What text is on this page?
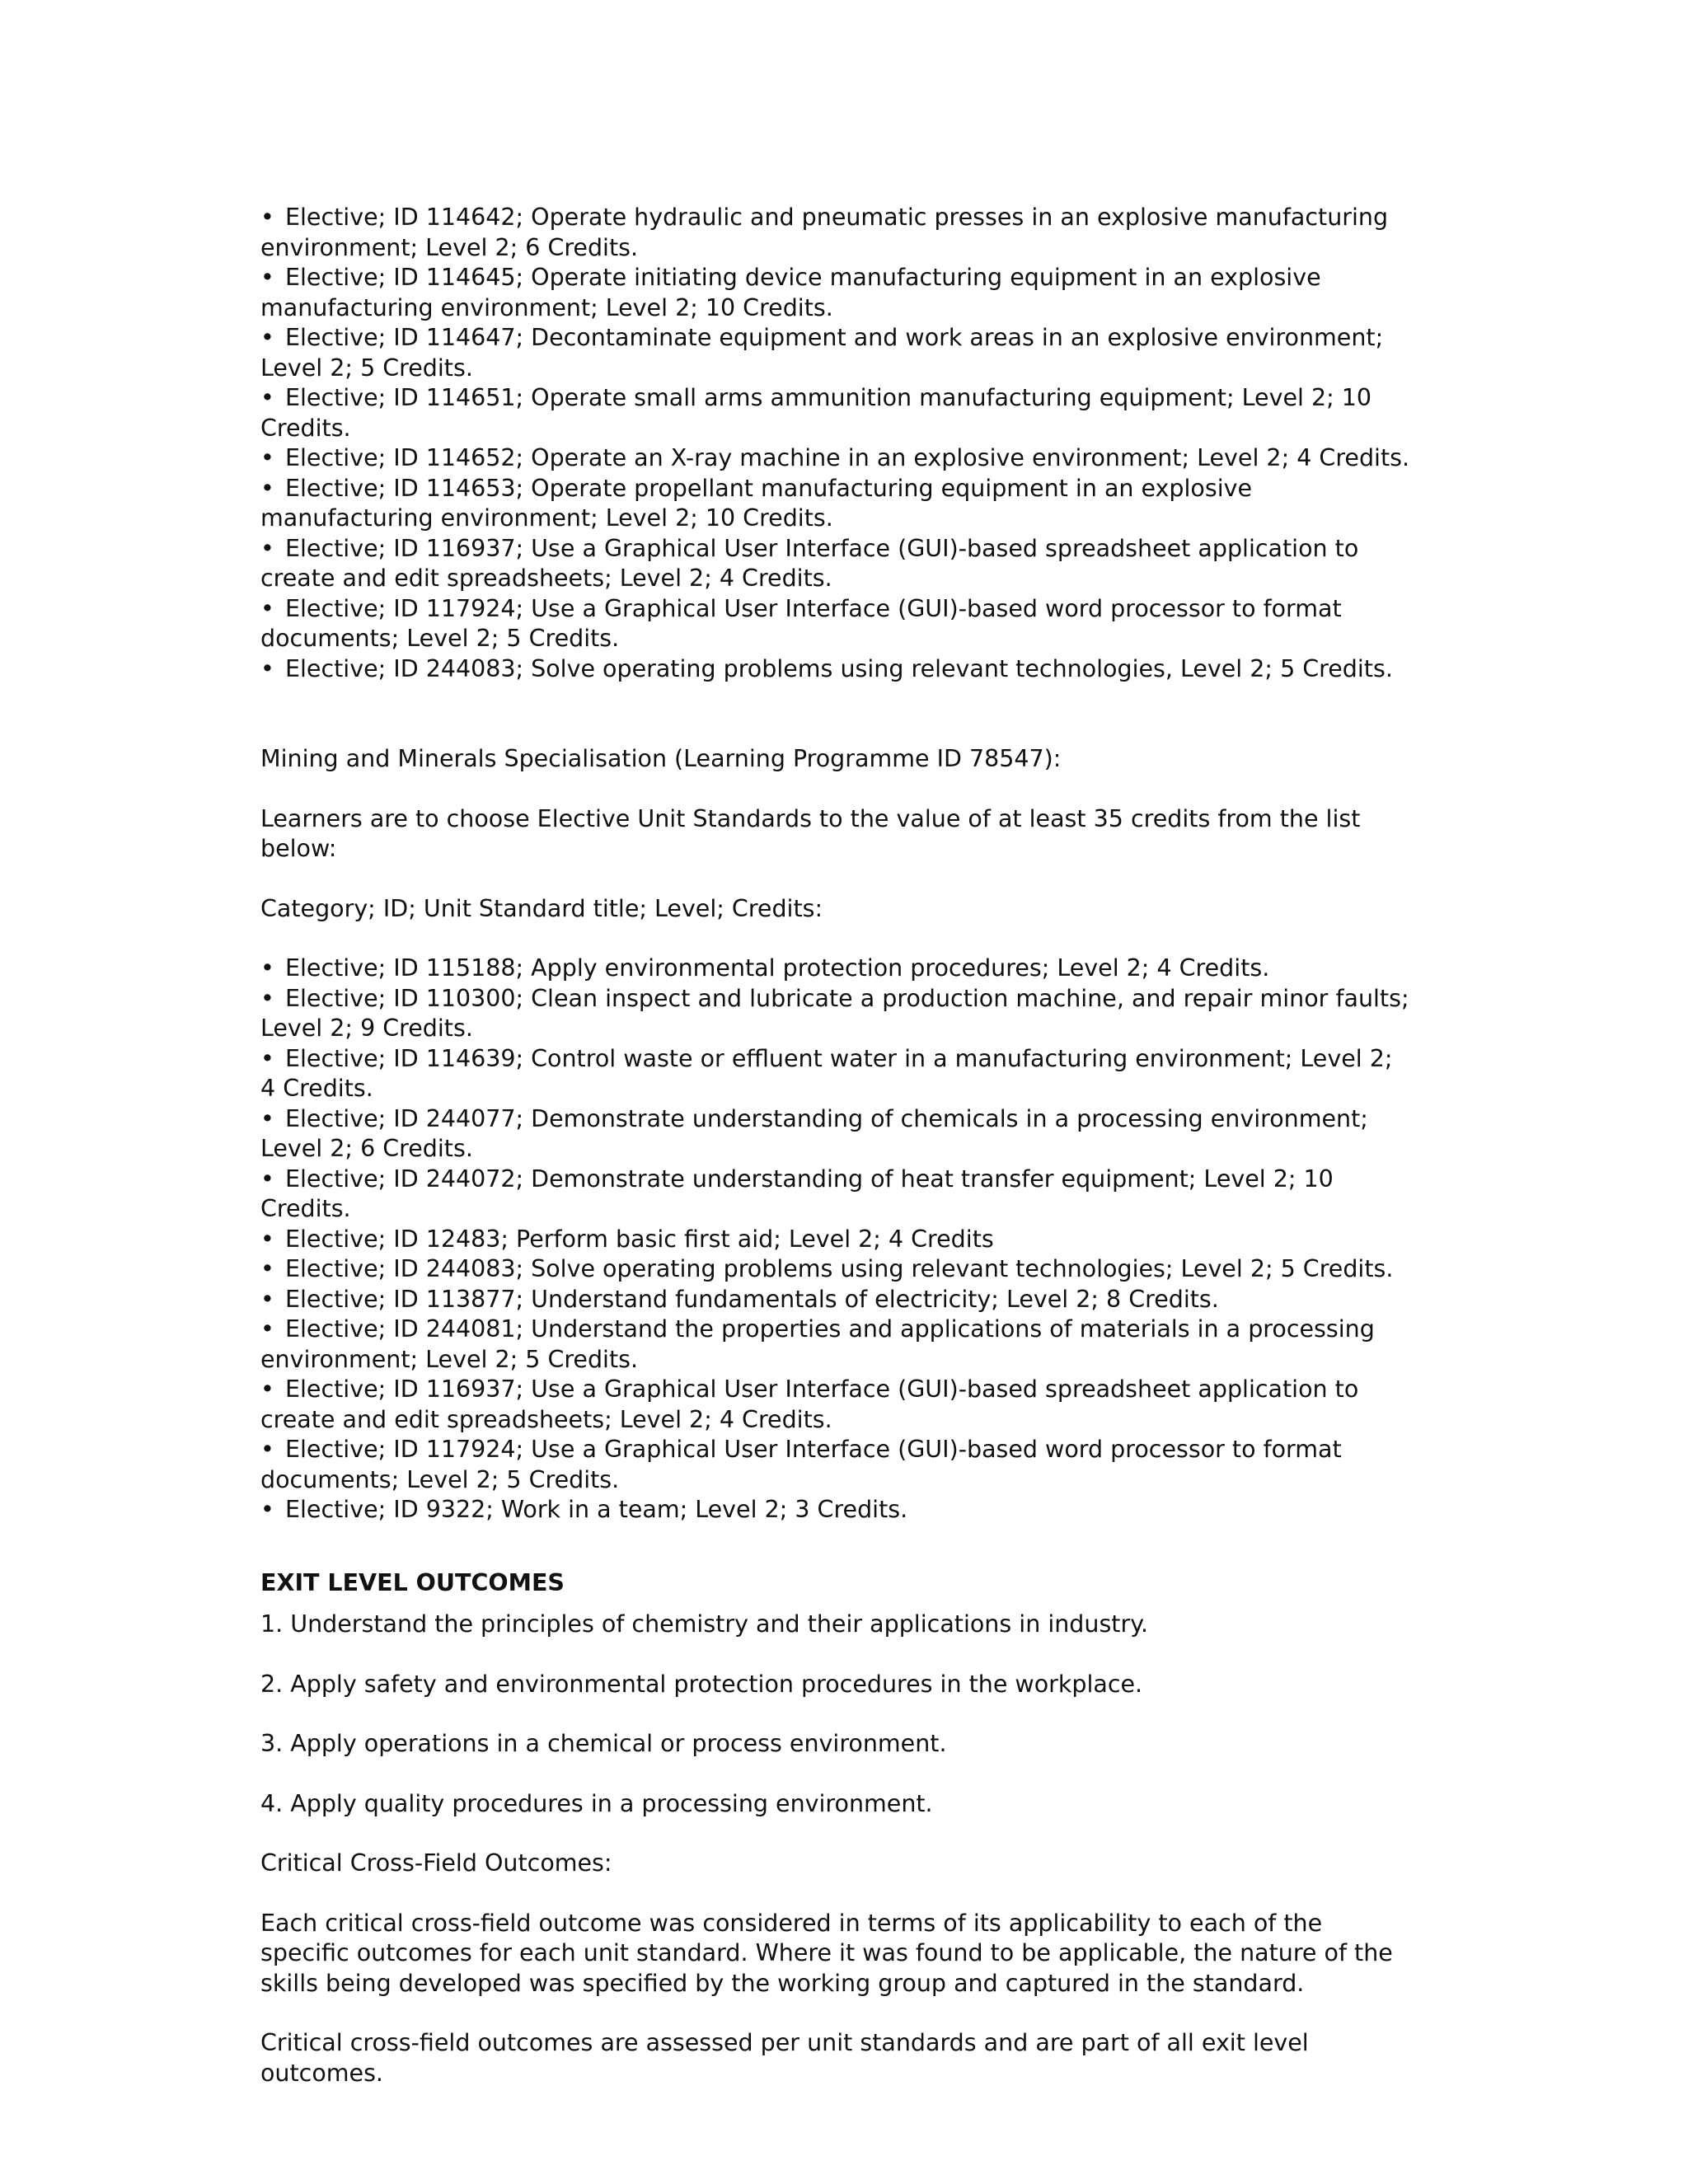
• Elective; ID 114642; Operate hydraulic and pneumatic presses in an explosive manufacturing environment; Level 2; 6 Credits.
• Elective; ID 114645; Operate initiating device manufacturing equipment in an explosive manufacturing environment; Level 2; 10 Credits.
• Elective; ID 114647; Decontaminate equipment and work areas in an explosive environment; Level 2; 5 Credits.
• Elective; ID 114651; Operate small arms ammunition manufacturing equipment; Level 2; 10 Credits.
• Elective; ID 114652; Operate an X-ray machine in an explosive environment; Level 2; 4 Credits.
• Elective; ID 114653; Operate propellant manufacturing equipment in an explosive manufacturing environment; Level 2; 10 Credits.
• Elective; ID 116937; Use a Graphical User Interface (GUI)-based spreadsheet application to create and edit spreadsheets; Level 2; 4 Credits.
• Elective; ID 117924; Use a Graphical User Interface (GUI)-based word processor to format documents; Level 2; 5 Credits.
• Elective; ID 244083; Solve operating problems using relevant technologies, Level 2; 5 Credits.

Mining and Minerals Specialisation (Learning Programme ID 78547):

Learners are to choose Elective Unit Standards to the value of at least 35 credits from the list below:

Category; ID; Unit Standard title; Level; Credits:

• Elective; ID 115188; Apply environmental protection procedures; Level 2; 4 Credits.
• Elective; ID 110300; Clean inspect and lubricate a production machine, and repair minor faults; Level 2; 9 Credits.
• Elective; ID 114639; Control waste or effluent water in a manufacturing environment; Level 2; 4 Credits.
• Elective; ID 244077; Demonstrate understanding of chemicals in a processing environment; Level 2; 6 Credits.
• Elective; ID 244072; Demonstrate understanding of heat transfer equipment; Level 2; 10 Credits.
• Elective; ID 12483; Perform basic first aid; Level 2; 4 Credits
• Elective; ID 244083; Solve operating problems using relevant technologies; Level 2; 5 Credits.
• Elective; ID 113877; Understand fundamentals of electricity; Level 2; 8 Credits.
• Elective; ID 244081; Understand the properties and applications of materials in a processing environment; Level 2; 5 Credits.
• Elective; ID 116937; Use a Graphical User Interface (GUI)-based spreadsheet application to create and edit spreadsheets; Level 2; 4 Credits.
• Elective; ID 117924; Use a Graphical User Interface (GUI)-based word processor to format documents; Level 2; 5 Credits.
• Elective; ID 9322; Work in a team; Level 2; 3 Credits.

EXIT LEVEL OUTCOMES

1. Understand the principles of chemistry and their applications in industry.

2. Apply safety and environmental protection procedures in the workplace.

3. Apply operations in a chemical or process environment.

4. Apply quality procedures in a processing environment.

Critical Cross-Field Outcomes:

Each critical cross-field outcome was considered in terms of its applicability to each of the specific outcomes for each unit standard. Where it was found to be applicable, the nature of the skills being developed was specified by the working group and captured in the standard.

Critical cross-field outcomes are assessed per unit standards and are part of all exit level outcomes.
